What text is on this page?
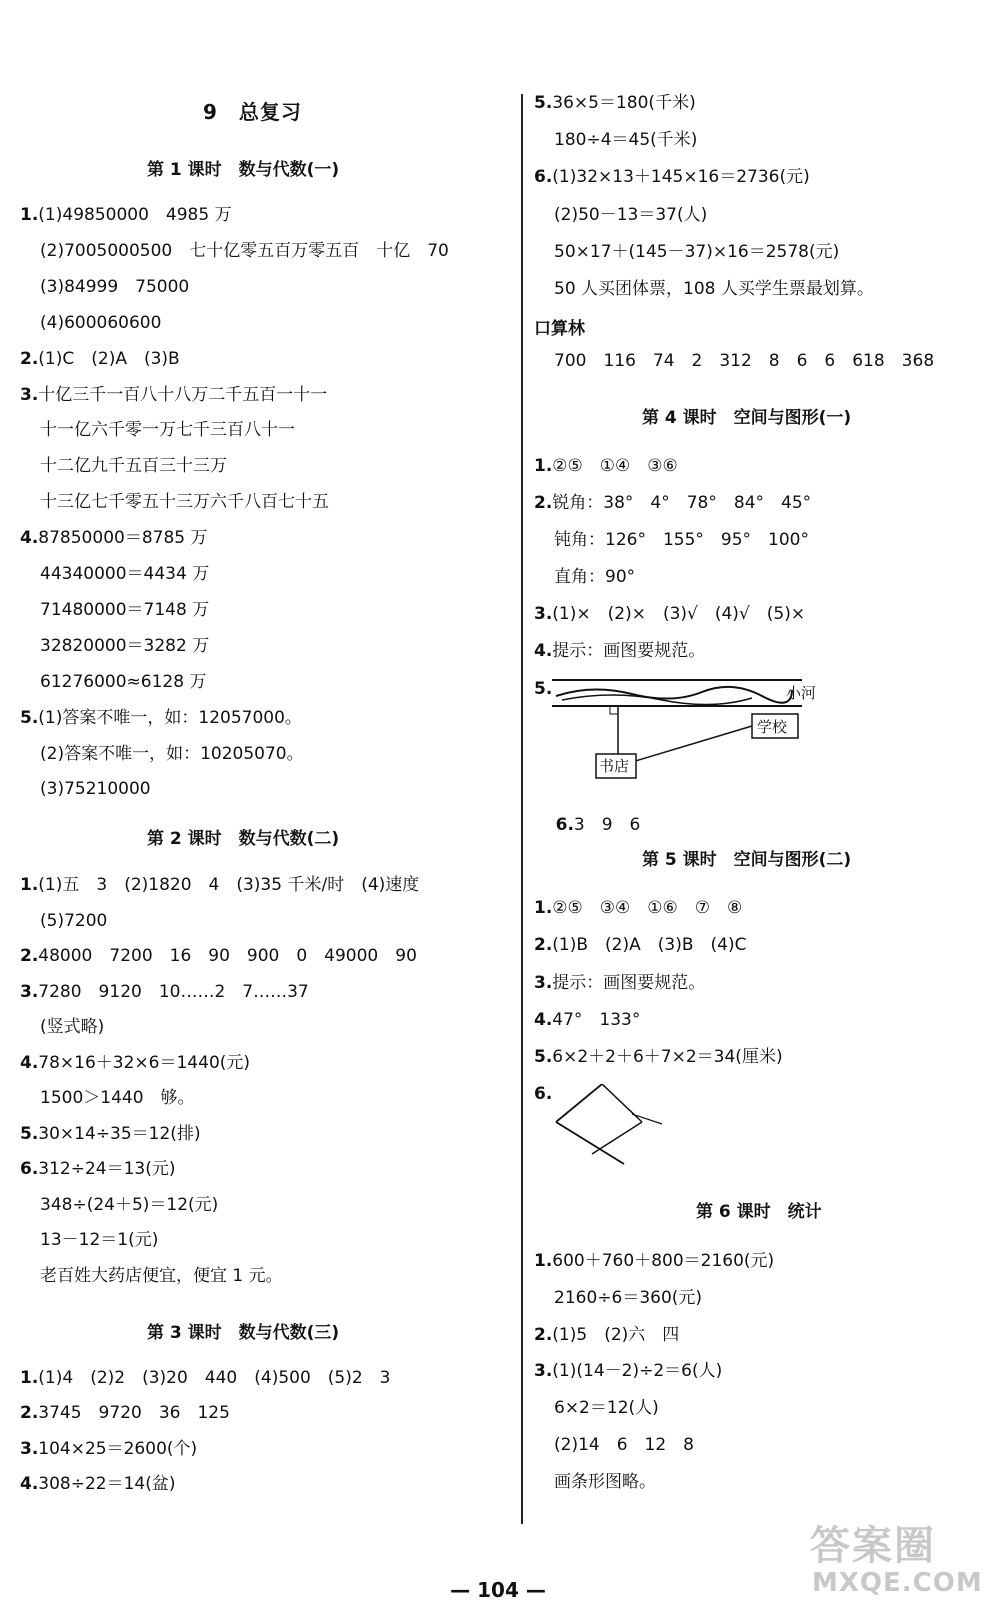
9　总复习
第 1 课时　数与代数(一)
1.(1)49850000　4985 万
(2)7005000500　七十亿零五百万零五百　十亿　70
(3)84999　75000
(4)600060600
2.(1)C　(2)A　(3)B
3.十亿三千一百八十八万二千五百一十一
十一亿六千零一万七千三百八十一
十二亿九千五百三十三万
十三亿七千零五十三万六千八百七十五
4.87850000＝8785 万
44340000＝4434 万
71480000＝7148 万
32820000＝3282 万
61276000≈6128 万
5.(1)答案不唯一，如：12057000。
(2)答案不唯一，如：10205070。
(3)75210000
第 2 课时　数与代数(二)
1.(1)五　3　(2)1820　4　(3)35 千米/时　(4)速度
(5)7200
2.48000　7200　16　90　900　0　49000　90
3.7280　9120　10……2　7……37
(竖式略)
4.78×16＋32×6＝1440(元)
1500＞1440　够。
5.30×14÷35＝12(排)
6.312÷24＝13(元)
348÷(24＋5)＝12(元)
13－12＝1(元)
老百姓大药店便宜，便宜 1 元。
第 3 课时　数与代数(三)
1.(1)4　(2)2　(3)20　440　(4)500　(5)2　3
2.3745　9720　36　125
3.104×25＝2600(个)
4.308÷22＝14(盆)
5.36×5＝180(千米)
180÷4＝45(千米)
6.(1)32×13＋145×16＝2736(元)
(2)50－13＝37(人)
50×17＋(145－37)×16＝2578(元)
50 人买团体票，108 人买学生票最划算。
口算林
700　116　74　2　312　8　6　6　618　368
第 4 课时　空间与图形(一)
1.②⑤　①④　③⑥
2.锐角：38°　4°　78°　84°　45°
钝角：126°　155°　95°　100°
直角：90°
3.(1)×　(2)×　(3)√　(4)√　(5)×
4.提示：画图要规范。
5.	小河
学校
书店

6.3　9　6

第 5 课时　空间与图形(二)
1.②⑤　③④　①⑥　⑦　⑧
2.(1)B　(2)A　(3)B　(4)C
3.提示：画图要规范。
4.47°　133°
5.6×2＋2＋6＋7×2＝34(厘米)
6.
第 6 课时　统计
1.600＋760＋800＝2160(元)
2160÷6＝360(元)
2.(1)5　(2)六　四
3.(1)(14－2)÷2＝6(人)
6×2＝12(人)
(2)14　6　12　8
画条形图略。
— 104 —
答案圈
MXQE.COM
